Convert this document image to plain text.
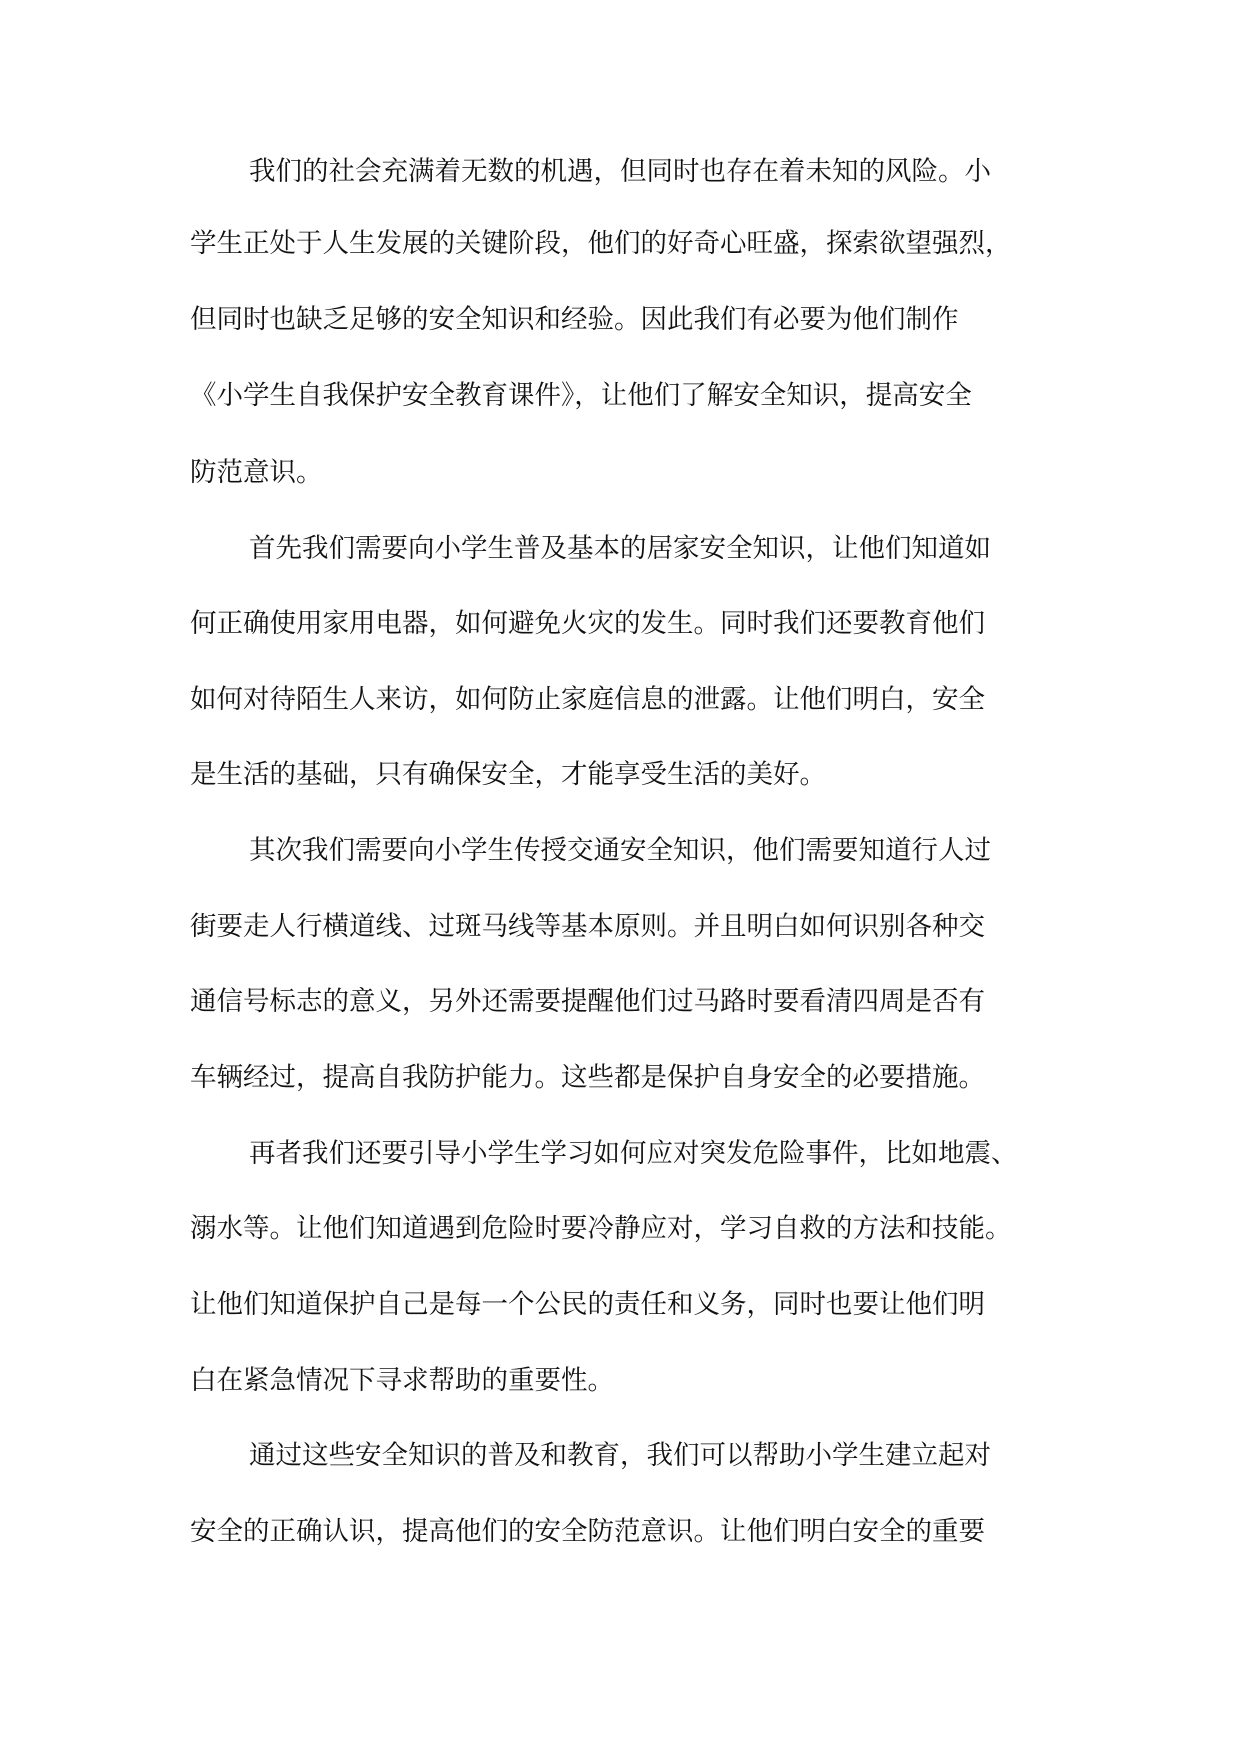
我们的社会充满着无数的机遇，但同时也存在着未知的风险。小
学生正处于人生发展的关键阶段，他们的好奇心旺盛，探索欲望强烈，
但同时也缺乏足够的安全知识和经验。因此我们有必要为他们制作
《小学生自我保护安全教育课件》，让他们了解安全知识，提高安全
防范意识。
首先我们需要向小学生普及基本的居家安全知识，让他们知道如
何正确使用家用电器，如何避免火灾的发生。同时我们还要教育他们
如何对待陌生人来访，如何防止家庭信息的泄露。让他们明白，安全
是生活的基础，只有确保安全，才能享受生活的美好。
其次我们需要向小学生传授交通安全知识，他们需要知道行人过
街要走人行横道线、过斑马线等基本原则。并且明白如何识别各种交
通信号标志的意义，另外还需要提醒他们过马路时要看清四周是否有
车辆经过，提高自我防护能力。这些都是保护自身安全的必要措施。
再者我们还要引导小学生学习如何应对突发危险事件，比如地震、
溺水等。让他们知道遇到危险时要冷静应对，学习自救的方法和技能。
让他们知道保护自己是每一个公民的责任和义务，同时也要让他们明
白在紧急情况下寻求帮助的重要性。
通过这些安全知识的普及和教育，我们可以帮助小学生建立起对
安全的正确认识，提高他们的安全防范意识。让他们明白安全的重要
